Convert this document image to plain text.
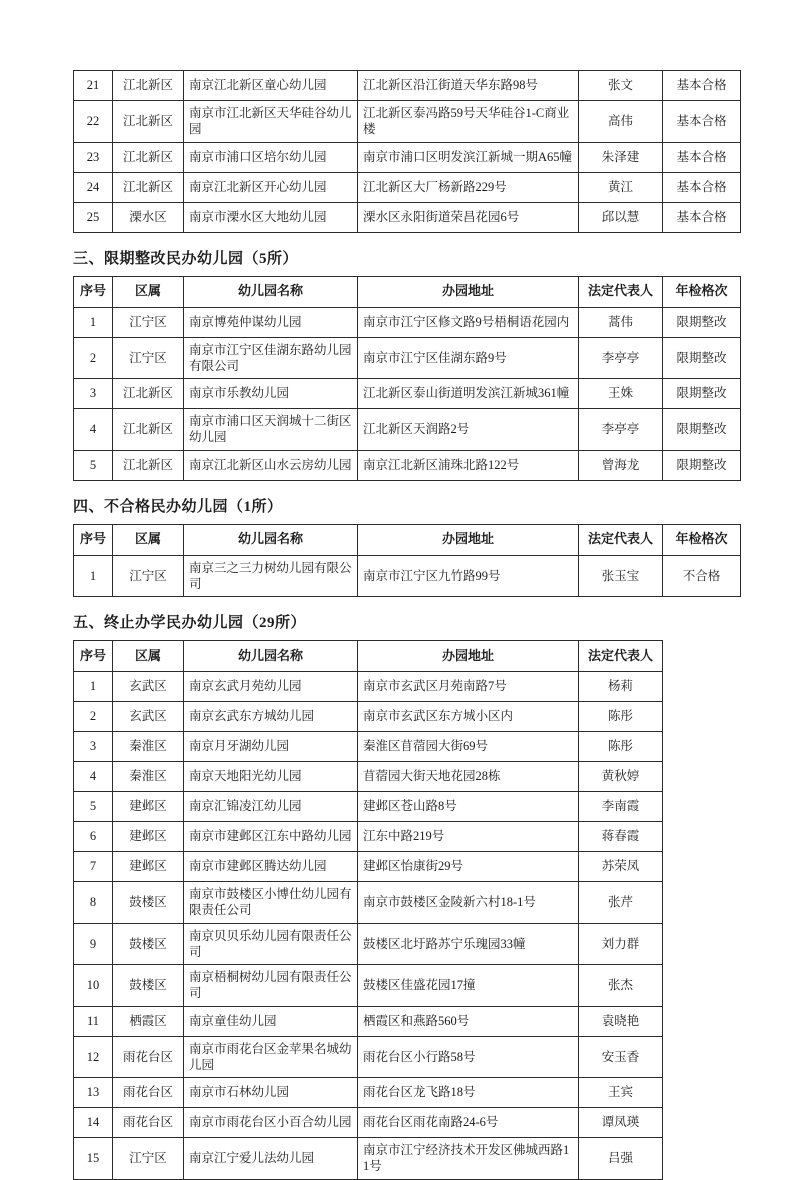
21	江北新区	南京江北新区童心幼儿园	江北新区沿江街道天华东路98号	张文	基本合格
22	江北新区	南京市江北新区天华硅谷幼儿园	江北新区泰冯路59号天华硅谷1-C商业楼	高伟	基本合格
23	江北新区	南京市浦口区培尔幼儿园	南京市浦口区明发滨江新城一期A65幢	朱泽建	基本合格
24	江北新区	南京江北新区开心幼儿园	江北新区大厂杨新路229号	黄江	基本合格
25	溧水区	南京市溧水区大地幼儿园	溧水区永阳街道荣昌花园6号	邱以慧	基本合格
三、限期整改民办幼儿园（5所）
序号	区属	幼儿园名称	办园地址	法定代表人	年检格次
1	江宁区	南京博苑仲谋幼儿园	南京市江宁区修文路9号梧桐语花园内	蒿伟	限期整改
2	江宁区	南京市江宁区佳湖东路幼儿园有限公司	南京市江宁区佳湖东路9号	李亭亭	限期整改
3	江北新区	南京市乐教幼儿园	江北新区泰山街道明发滨江新城361幢	王姝	限期整改
4	江北新区	南京市浦口区天润城十二街区幼儿园	江北新区天润路2号	李亭亭	限期整改
5	江北新区	南京江北新区山水云房幼儿园	南京江北新区浦珠北路122号	曾海龙	限期整改
四、不合格民办幼儿园（1所）
序号	区属	幼儿园名称	办园地址	法定代表人	年检格次
1	江宁区	南京三之三力树幼儿园有限公司	南京市江宁区九竹路99号	张玉宝	不合格
五、终止办学民办幼儿园（29所）
序号	区属	幼儿园名称	办园地址	法定代表人
1	玄武区	南京玄武月苑幼儿园	南京市玄武区月苑南路7号	杨莉
2	玄武区	南京玄武东方城幼儿园	南京市玄武区东方城小区内	陈彤
3	秦淮区	南京月牙湖幼儿园	秦淮区苜蓿园大街69号	陈彤
4	秦淮区	南京天地阳光幼儿园	苜蓿园大街天地花园28栋	黄秋婷
5	建邺区	南京汇锦凌江幼儿园	建邺区苍山路8号	李南霞
6	建邺区	南京市建邺区江东中路幼儿园	江东中路219号	蒋春霞
7	建邺区	南京市建邺区腾达幼儿园	建邺区怡康街29号	苏荣凤
8	鼓楼区	南京市鼓楼区小博仕幼儿园有限责任公司	南京市鼓楼区金陵新六村18-1号	张芹
9	鼓楼区	南京贝贝乐幼儿园有限责任公司	鼓楼区北圩路苏宁乐瑰园33幢	刘力群
10	鼓楼区	南京梧桐树幼儿园有限责任公司	鼓楼区佳盛花园17撞	张杰
11	栖霞区	南京童佳幼儿园	栖霞区和燕路560号	袁晓艳
12	雨花台区	南京市雨花台区金苹果名城幼儿园	雨花台区小行路58号	安玉香
13	雨花台区	南京市石林幼儿园	雨花台区龙飞路18号	王宾
14	雨花台区	南京市雨花台区小百合幼儿园	雨花台区雨花南路24-6号	谭凤瑛
15	江宁区	南京江宁爱儿法幼儿园	南京市江宁经济技术开发区佛城西路11号	吕强
